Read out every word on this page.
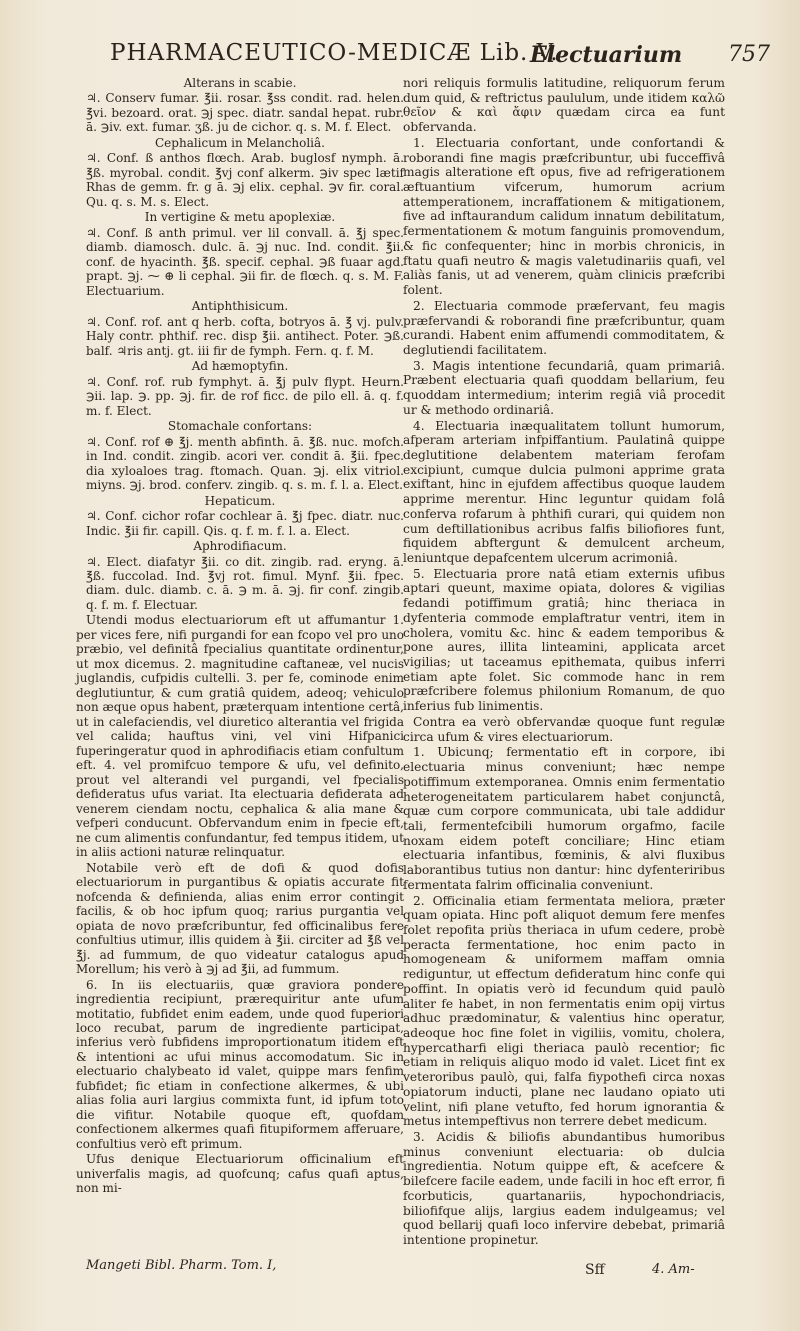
PHARMACEUTICO-MEDICÆ Lib. V.
Electuarium 757

Alterans in scabie.

♃. Conserv fumar. ℥ii. rosar. ℥ss condit. rad. helen. ℥vi. bezoard. orat. ℈j spec. diatr. sandal hepat. rubr. ā. ℈iv. ext. fumar. ʒß. ju de cichor. q. s. M. f. Elect.

Cephalicum in Melancholiâ.

♃. Conf. ß anthos flœch. Arab. buglosf nymph. ā. ℥ß. myrobal. condit. ℥vj conf alkerm. ℈iv spec lætif Rhas de gemm. fr. g ā. ℈j elix. cephal. ℈v fir. coral. Qu. q. s. M. s. Elect.

In vertigine & metu apoplexiæ.

♃. Conf. ß anth primul. ver lil convall. ā. ℥j spec. diamb. diamosch. dulc. ā. ℈j nuc. Ind. condit. ℥ii. conf. de hyacinth. ℥ß. specif. cephal. ℈ß fuaar agd. prapt. ℈j. ⁓ ⊕ li cephal. ℈ii fir. de flœch. q. s. M. F. Electuarium.

Antiphthisicum.

♃. Conf. rof. ant q herb. cofta, botryos ā. ℥ vj. pulv. Haly contr. phthif. rec. disp ℥ii. antihect. Poter. ℈ß. balf. ♃ris antj. gt. iii fir de fymph. Fern. q. f. M.

Ad hæmoptyfin.

♃. Conf. rof. rub fymphyt. ā. ℥j pulv flypt. Heurn. ℈ii. lap. ℈. pp. ℈j. fir. de rof ficc. de pilo ell. ā. q. f. m. f. Elect.

Stomachale confortans:

♃. Conf. rof ⊕ ℥j. menth abfinth. ā. ℥ß. nuc. mofch. in Ind. condit. zingib. acori ver. condit ā. ℥ii. fpec. dia xyloaloes trag. ftomach. Quan. ℈j. elix vitriol. miyns. ℈j. brod. conferv. zingib. q. s. m. f. l. a. Elect.

Hepaticum.

♃. Conf. cichor rofar cochlear ā. ℥j fpec. diatr. nuc. Indic. ℥ii fir. capill. Qis. q. f. m. f. l. a. Elect.

Aphrodifiacum.

♃. Elect. diafatyr ℥ii. co dit. zingib. rad. eryng. ā. ℥ß. fuccolad. Ind. ℥vj rot. fimul. Mynf. ℥ii. fpec. diam. dulc. diamb. c. ā. ℈ m. ā. ℈j. fir conf. zingib. q. f. m. f. Electuar.

Utendi modus electuariorum eft ut affumantur 1. per vices fere, nifi purgandi for ean fcopo vel pro uno præbio, vel definitâ fpecialius quantitate ordinentur, ut mox dicemus. 2. magnitudine caftaneæ, vel nucis juglandis, cufpidis cultelli. 3. per fe, cominode enim deglutiuntur, & cum gratiâ quidem, adeoq; vehiculo non æque opus habent, præterquam intentione certâ, ut in calefaciendis, vel diuretico alterantia vel frigida vel calida; hauftus vini, vel vini Hifpanici fuperingeratur quod in aphrodifiacis etiam confultum eft. 4. vel promifcuo tempore & ufu, vel definito, prout vel alterandi vel purgandi, vel fpecialis defideratus ufus variat. Ita electuaria defiderata ad venerem ciendam noctu, cephalica & alia mane & vefperi conducunt. Obfervandum enim in fpecie eft, ne cum alimentis confundantur, fed tempus itidem, ut in aliis actioni naturæ relinquatur.

Notabile verò eft de dofi & quod dofis electuariorum in purgantibus & opiatis accurate fit nofcenda & definienda, alias enim error contingit facilis, & ob hoc ipfum quoq; rarius purgantia vel opiata de novo præfcribuntur, fed officinalibus fere confultius utimur, illis quidem à ℥ii. circiter ad ℥ß vel ℥j. ad fummum, de quo videatur catalogus apud Morellum; his verò à ℈j ad ℥ii, ad fummum.

6. In iis electuariis, quæ graviora pondere ingredientia recipiunt, prærequiritur ante ufum motitatio, fubfidet enim eadem, unde quod fuperiori loco recubat, parum de ingrediente participat, inferius verò fubfidens improportionatum itidem eft & intentioni ac ufui minus accomodatum. Sic in electuario chalybeato id valet, quippe mars fenfim fubfidet; fic etiam in confectione alkermes, & ubi alias folia auri largius commixta funt, id ipfum toto die vifitur. Notabile quoque eft, quofdam confectionem alkermes quafi fitupiformem afferuare, confultius verò eft primum.

Ufus denique Electuariorum officinalium eft univerfalis magis, ad quofcunq; cafus quafi aptus, non mi-

nori reliquis formulis latitudine, reliquorum ferum dum quid, & reftrictus paululum, unde itidem καλῶ θεῖον & καὶ ἄφιν quædam circa ea funt obfervanda.

1. Electuaria confortant, unde confortandi & roborandi fine magis præfcribuntur, ubi fucceffivâ magis alteratione eft opus, five ad refrigerationem æftuantium vifcerum, humorum acrium attemperationem, incraffationem & mitigationem, five ad inftaurandum calidum innatum debilitatum, fermentationem & motum fanguinis promovendum, & fic confequenter; hinc in morbis chronicis, in ftatu quafi neutro & magis valetudinariis quafi, vel aliàs fanis, ut ad venerem, quàm clinicis præfcribi folent.

2. Electuaria commode præfervant, feu magis præfervandi & roborandi fine præfcribuntur, quam curandi. Habent enim affumendi commoditatem, & deglutiendi facilitatem.

3. Magis intentione fecundariâ, quam primariâ. Præbent electuaria quafi quoddam bellarium, feu quoddam intermedium; interim regiâ viâ procedit ur & methodo ordinariâ.

4. Electuaria inæqualitatem tollunt humorum, afperam arteriam infpiffantium. Paulatinâ quippe deglutitione delabentem materiam ferofam excipiunt, cumque dulcia pulmoni apprime grata exiftant, hinc in ejufdem affectibus quoque laudem apprime merentur. Hinc leguntur quidam folâ conferva rofarum à phthifi curari, qui quidem non cum deftillationibus acribus falfis biliofiores funt, fiquidem abftergunt & demulcent archeum, leniuntque depafcentem ulcerum acrimoniâ.

5. Electuaria prore natâ etiam externis ufibus aptari queunt, maxime opiata, dolores & vigilias fedandi potiffimum gratiâ; hinc theriaca in dyfenteria commode emplaftratur ventri, item in cholera, vomitu &c. hinc & eadem temporibus & pone aures, illita linteamini, applicata arcet vigilias; ut taceamus epithemata, quibus inferri etiam apte folet. Sic commode hanc in rem præfcribere folemus philonium Romanum, de quo inferius fub linimentis.

Contra ea verò obfervandæ quoque funt regulæ circa ufum & vires electuariorum.

1. Ubicunq; fermentatio eft in corpore, ibi electuaria minus conveniunt; hæc nempe potiffimum extemporanea. Omnis enim fermentatio heterogeneitatem particularem habet conjunctâ, quæ cum corpore communicata, ubi tale addidur tali, fermentefcibili humorum orgafmo, facile noxam eidem poteft conciliare; Hinc etiam electuaria infantibus, fœminis, & alvi fluxibus laborantibus tutius non dantur: hinc dyfenteriribus fermentata falrim officinalia conveniunt.

2. Officinalia etiam fermentata meliora, præter quam opiata. Hinc poft aliquot demum fere menfes folet repofita priùs theriaca in ufum cedere, probè peracta fermentatione, hoc enim pacto in homogeneam & uniformem maffam omnia rediguntur, ut effectum defideratum hinc confe qui poffint. In opiatis verò id fecundum quid paulò aliter fe habet, in non fermentatis enim opij virtus adhuc prædominatur, & valentius hinc operatur, adeoque hoc fine folet in vigiliis, vomitu, cholera, hypercatharfi eligi theriaca paulò recentior; fic etiam in reliquis aliquo modo id valet. Licet fint ex veteroribus paulò, qui, falfa fiypothefi circa noxas opiatorum inducti, plane nec laudano opiato uti velint, nifi plane vetufto, fed horum ignorantia & metus intempeftivus non terrere debet medicum.

3. Acidis & biliofis abundantibus humoribus minus conveniunt electuaria: ob dulcia ingredientia. Notum quippe eft, & acefcere & bilefcere facile eadem, unde facili in hoc eft error, fi fcorbuticis, quartanariis, hypochondriacis, biliofifque alijs, largius eadem indulgeamus; vel quod bellarij quafi loco infervire debebat, primariâ intentione propinetur.

Mangeti Bibl. Pharm. Tom. I,	Sff	4. Am-
